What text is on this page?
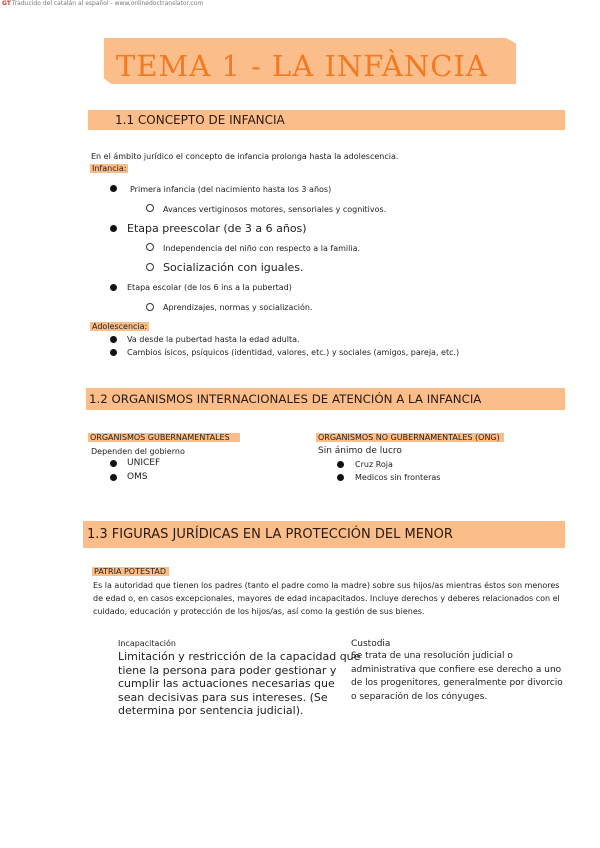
GTTraducido del catalán al español - www.onlinedoctranslator.com
TEMA 1 - LA INFÀNCIA
1.1 CONCEPTO DE INFANCIA
En el ámbito jurídico el concepto de infancia prolonga hasta la adolescencia.
Infancia:
Primera infancia (del nacimiento hasta los 3 años)
Avances vertiginosos motores, sensoriales y cognitivos.
Etapa preescolar (de 3 a 6 años)
Independencia del niño con respecto a la familia.
Socialización con iguales.
Etapa escolar (de los 6 ins a la pubertad)
Aprendizajes, normas y socialización.
Adolescencia:
Va desde la pubertad hasta la edad adulta.
Cambios ísicos, psíquicos (identidad, valores, etc.) y sociales (amigos, pareja, etc.)
1.2 ORGANISMOS INTERNACIONALES DE ATENCIÓN A LA INFANCIA
ORGANISMOS GUBERNAMENTALES
Dependen del gobierno
UNICEF
OMS
ORGANISMOS NO GUBERNAMENTALES (ONG)
Sin ánimo de lucro
Cruz Roja
Medicos sin fronteras
1.3 FIGURAS JURÍDICAS EN LA PROTECCIÓN DEL MENOR
PATRIA POTESTAD
Es la autoridad que tienen los padres (tanto el padre como la madre) sobre sus hijos/as mientras éstos son menores
de edad o, en casos excepcionales, mayores de edad incapacitados. Incluye derechos y deberes relacionados con el
cuidado, educación y protección de los hijos/as, así como la gestión de sus bienes.
Incapacitación
Limitación y restricción de la capacidad que
tiene la persona para poder gestionar y
cumplir las actuaciones necesarias que
sean decisivas para sus intereses. (Se
determina por sentencia judicial).
Custodia
Se trata de una resolución judicial o
administrativa que confiere ese derecho a uno
de los progenitores, generalmente por divorcio
o separación de los cónyuges.
